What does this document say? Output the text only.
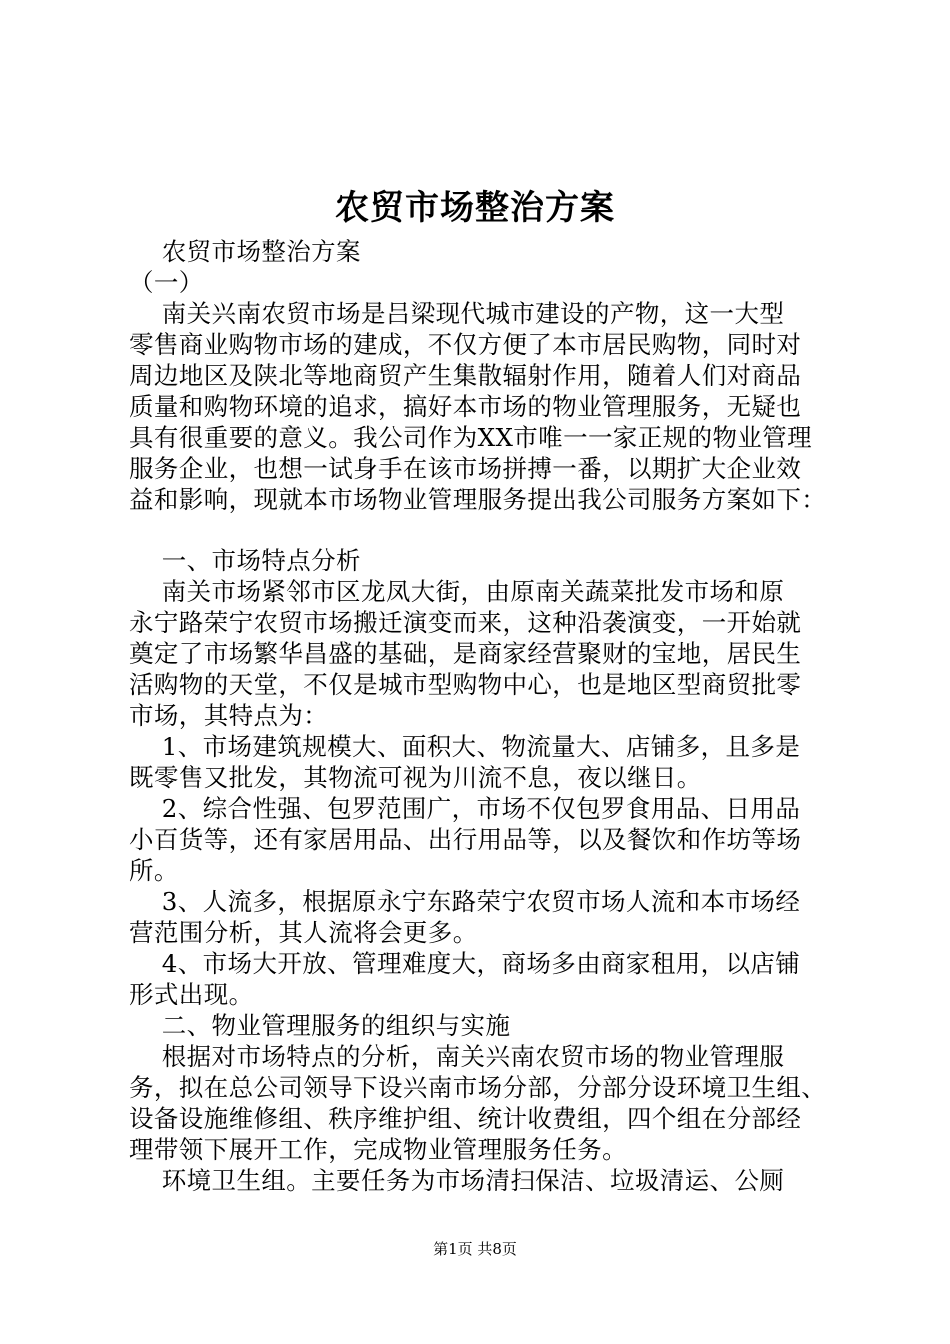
农贸市场整治方案
农贸市场整治方案
（一）
南关兴南农贸市场是吕梁现代城市建设的产物，这一大型
零售商业购物市场的建成，不仅方便了本市居民购物，同时对
周边地区及陕北等地商贸产生集散辐射作用，随着人们对商品
质量和购物环境的追求，搞好本市场的物业管理服务，无疑也
具有很重要的意义。我公司作为XX市唯一一家正规的物业管理
服务企业，也想一试身手在该市场拼搏一番，以期扩大企业效
益和影响，现就本市场物业管理服务提出我公司服务方案如下：
一、市场特点分析
南关市场紧邻市区龙凤大街，由原南关蔬菜批发市场和原
永宁路荣宁农贸市场搬迁演变而来，这种沿袭演变，一开始就
奠定了市场繁华昌盛的基础，是商家经营聚财的宝地，居民生
活购物的天堂，不仅是城市型购物中心，也是地区型商贸批零
市场，其特点为：
1、市场建筑规模大、面积大、物流量大、店铺多，且多是
既零售又批发，其物流可视为川流不息，夜以继日。
2、综合性强、包罗范围广，市场不仅包罗食用品、日用品
小百货等，还有家居用品、出行用品等，以及餐饮和作坊等场
所。
3、人流多，根据原永宁东路荣宁农贸市场人流和本市场经
营范围分析，其人流将会更多。
4、市场大开放、管理难度大，商场多由商家租用，以店铺
形式出现。
二、物业管理服务的组织与实施
根据对市场特点的分析，南关兴南农贸市场的物业管理服
务，拟在总公司领导下设兴南市场分部，分部分设环境卫生组、
设备设施维修组、秩序维护组、统计收费组，四个组在分部经
理带领下展开工作，完成物业管理服务任务。
环境卫生组。主要任务为市场清扫保洁、垃圾清运、公厕
第1页 共8页
